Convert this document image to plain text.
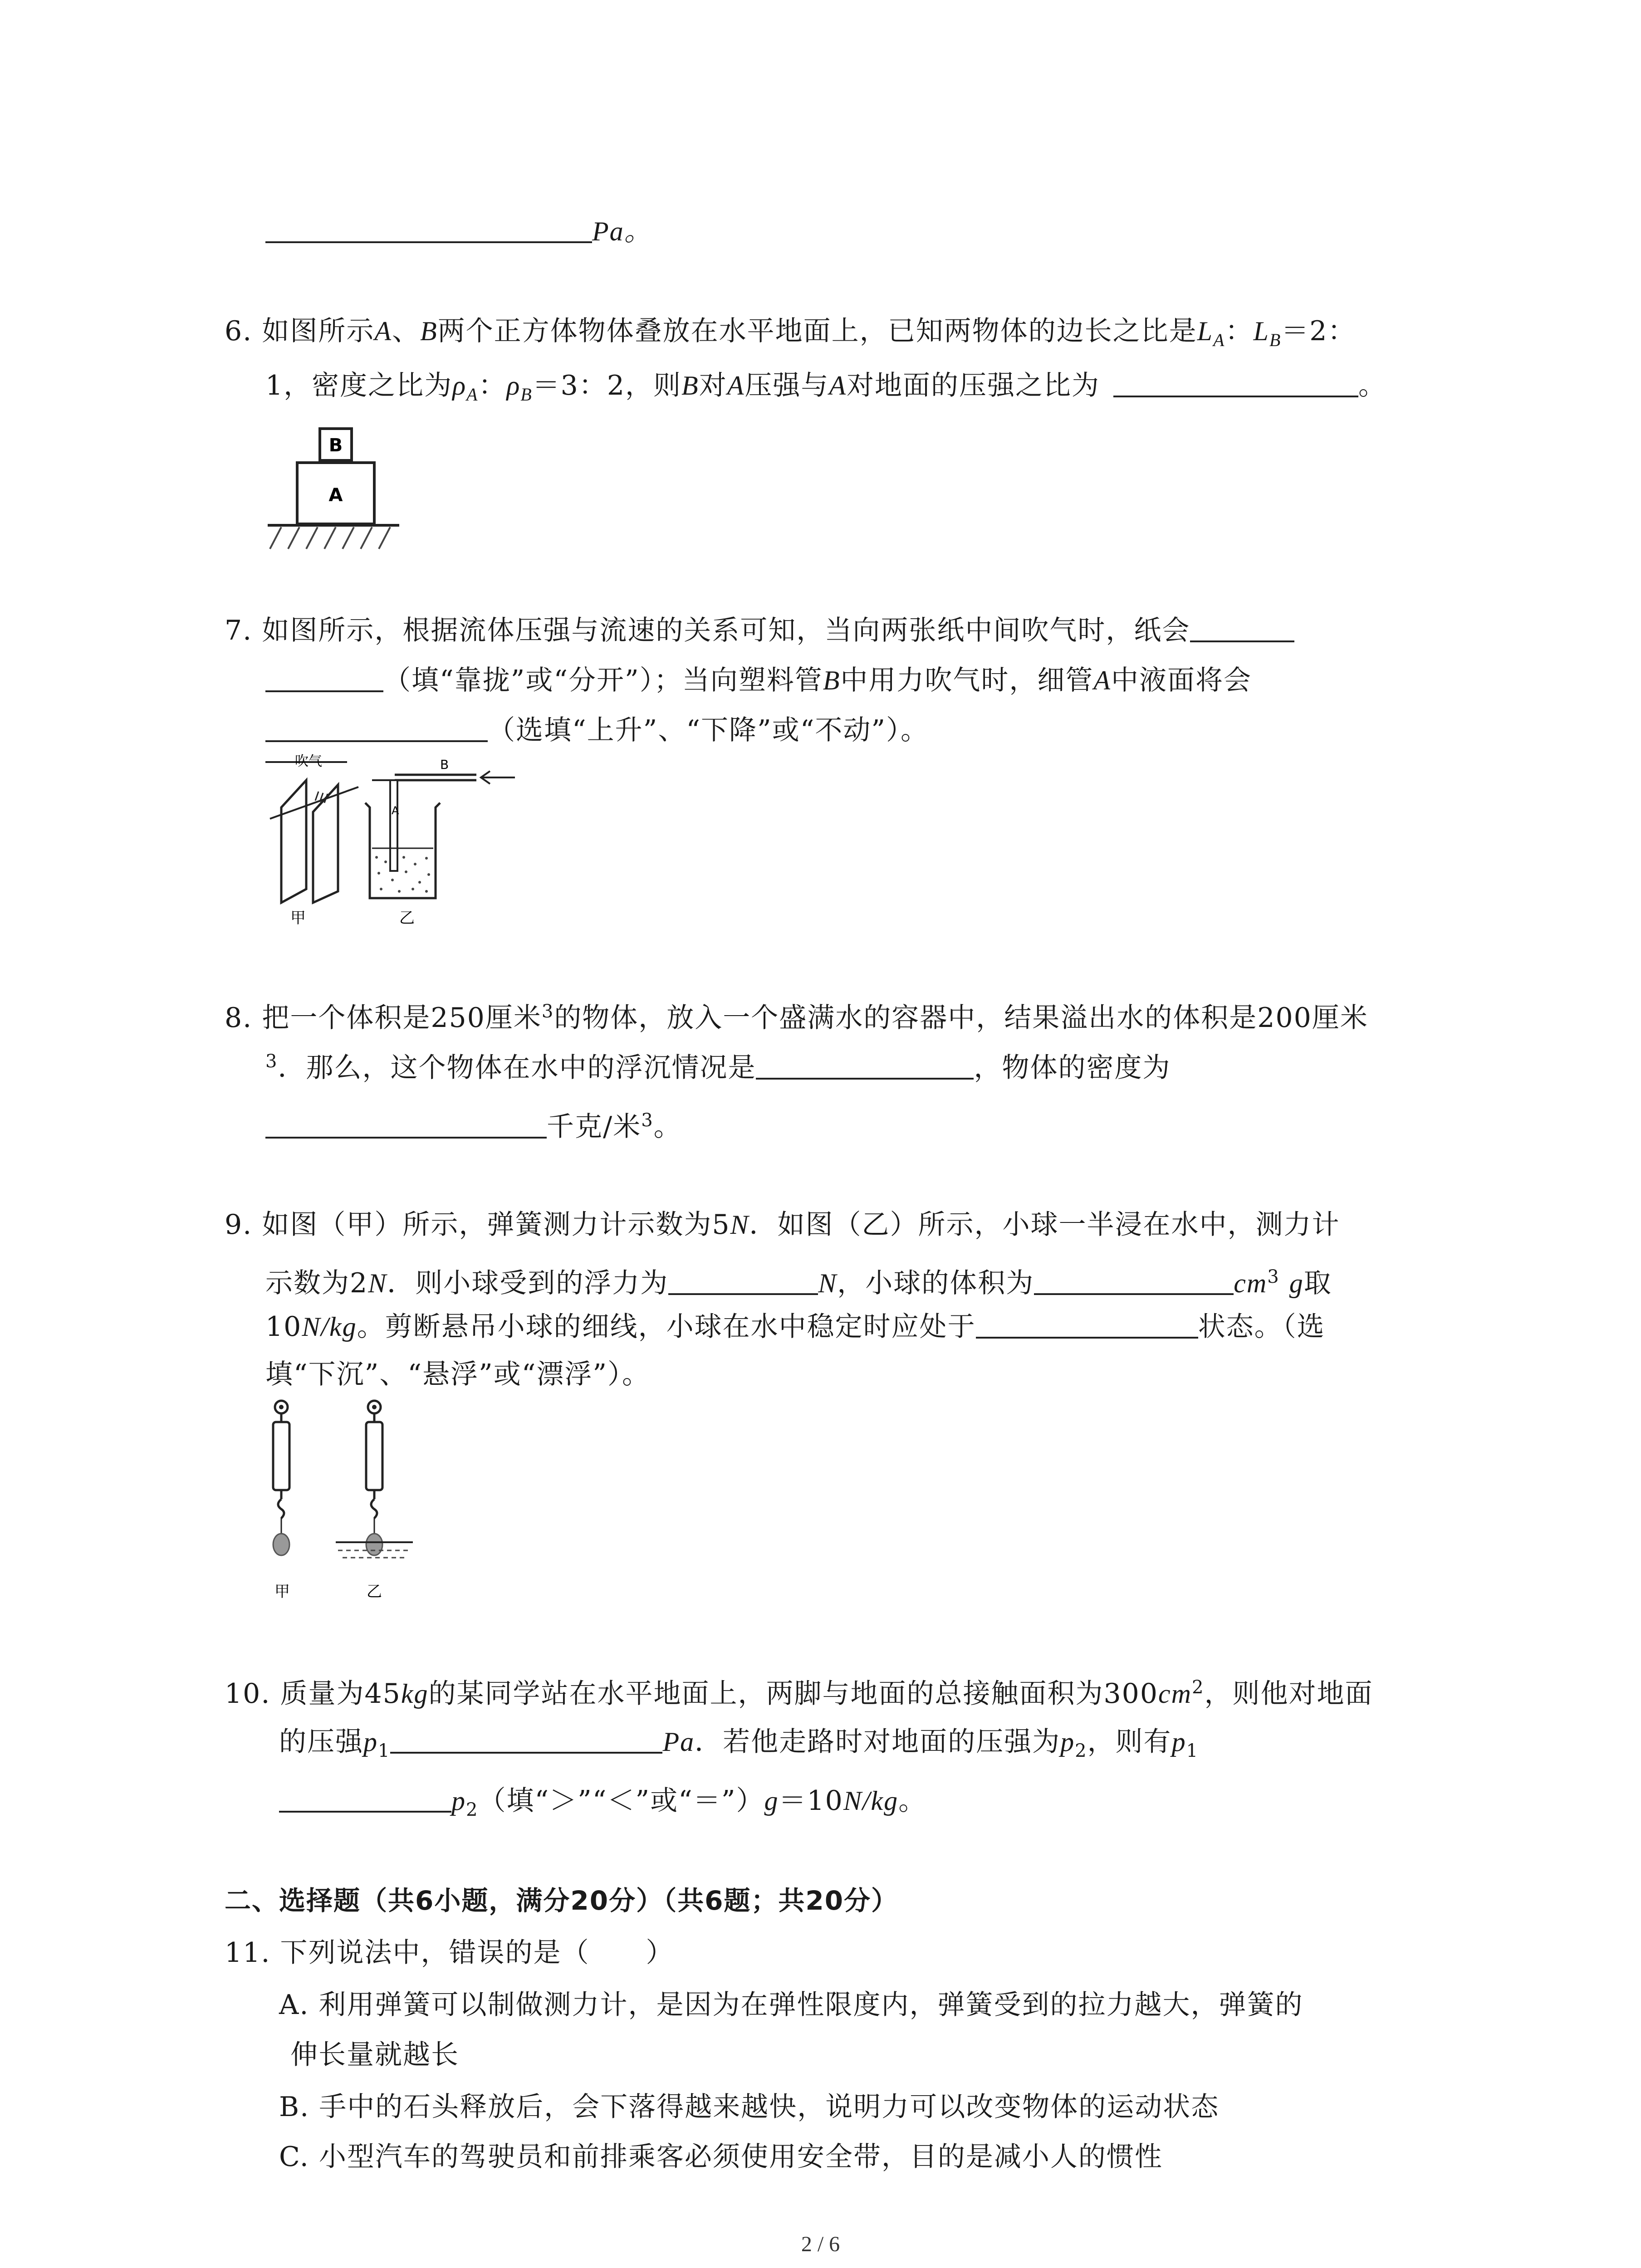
Pa。
6. 如图所示A、B两个正方体物体叠放在水平地面上，已知两物体的边长之比是$L_A$：$L_B=2$：
1，密度之比为$\rho_A$：$\rho_B=3$：2，则B对A压强与A对地面的压强之比为	。
B
A
7. 如图所示，根据流体压强与流速的关系可知，当向两张纸中间吹气时，纸会
（填“靠拢”或“分开”）；当向塑料管B中用力吹气时，细管A中液面将会
（选填“上升”、“下降”或“不动”）。
吹气
甲
B
A
乙
8. 把一个体积是250厘米$^3$的物体，放入一个盛满水的容器中，结果溢出水的体积是200厘米
$^3$．那么，这个物体在水中的浮沉情况是	，物体的密度为
千克/米$^3$。
9. 如图（甲）所示，弹簧测力计示数为5N．如图（乙）所示，小球一半浸在水中，测力计
示数为2N．则小球受到的浮力为	N，小球的体积为	$cm^3$ g取
10N/kg。剪断悬吊小球的细线，小球在水中稳定时应处于	状态。（选
填“下沉”、“悬浮”或“漂浮”）。
甲	乙
10. 质量为45kg的某同学站在水平地面上，两脚与地面的总接触面积为$300cm^2$，则他对地面
的压强$p_1$	Pa．若他走路时对地面的压强为$p_2$，则有$p_1$
$p_2$（填“＞”“＜”或“＝”）g＝10N/kg。
二、选择题（共6小题，满分20分）（共6题；共20分）
11. 下列说法中，错误的是（　　）
A. 利用弹簧可以制做测力计，是因为在弹性限度内，弹簧受到的拉力越大，弹簧的
伸长量就越长
B. 手中的石头释放后，会下落得越来越快，说明力可以改变物体的运动状态
C. 小型汽车的驾驶员和前排乘客必须使用安全带，目的是减小人的惯性
2 / 6
